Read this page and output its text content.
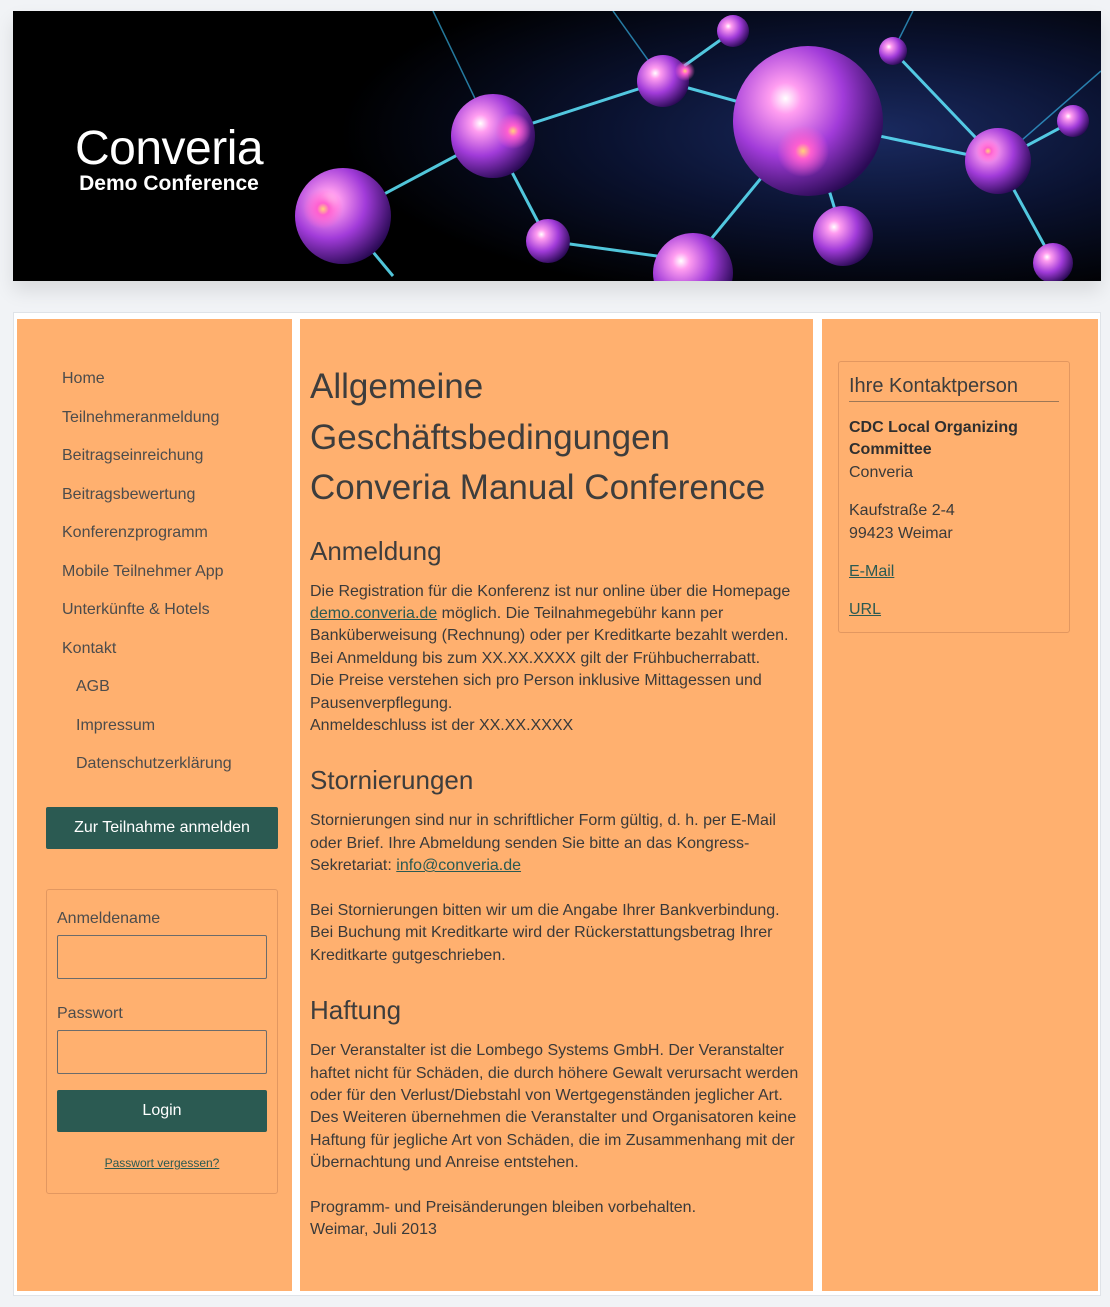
Converia
Demo Conference
Home
Teilnehmeranmeldung
Beitragseinreichung
Beitragsbewertung
Konferenzprogramm
Mobile Teilnehmer App
Unterkünfte & Hotels
Kontakt
AGB
Impressum
Datenschutzerklärung
Zur Teilnahme anmelden
Anmeldename
Passwort
Login
Passwort vergessen?
Allgemeine
Geschäftsbedingungen
Converia Manual Conference
Anmeldung

Die Registration für die Konferenz ist nur online über die Homepage demo.converia.de möglich. Die Teilnahmegebühr kann per Banküberweisung (Rechnung) oder per Kreditkarte bezahlt werden.
Bei Anmeldung bis zum XX.XX.XXXX gilt der Frühbucherrabatt.
Die Preise verstehen sich pro Person inklusive Mittagessen und Pausenverpflegung.
Anmeldeschluss ist der XX.XX.XXXX

Stornierungen

Stornierungen sind nur in schriftlicher Form gültig, d. h. per E-Mail oder Brief. Ihre Abmeldung senden Sie bitte an das Kongress-Sekretariat: info@converia.de

Bei Stornierungen bitten wir um die Angabe Ihrer Bankverbindung. Bei Buchung mit Kreditkarte wird der Rückerstattungsbetrag Ihrer Kreditkarte gutgeschrieben.

Haftung

Der Veranstalter ist die Lombego Systems GmbH. Der Veranstalter haftet nicht für Schäden, die durch höhere Gewalt verursacht werden oder für den Verlust/Diebstahl von Wertgegenständen jeglicher Art. Des Weiteren übernehmen die Veranstalter und Organisatoren keine Haftung für jegliche Art von Schäden, die im Zusammenhang mit der Übernachtung und Anreise entstehen.

Programm- und Preisänderungen bleiben vorbehalten.
Weimar, Juli 2013

Ihre Kontaktperson
CDC Local Organizing
Committee
Converia
Kaufstraße 2-4
99423 Weimar
E-Mail
URL
